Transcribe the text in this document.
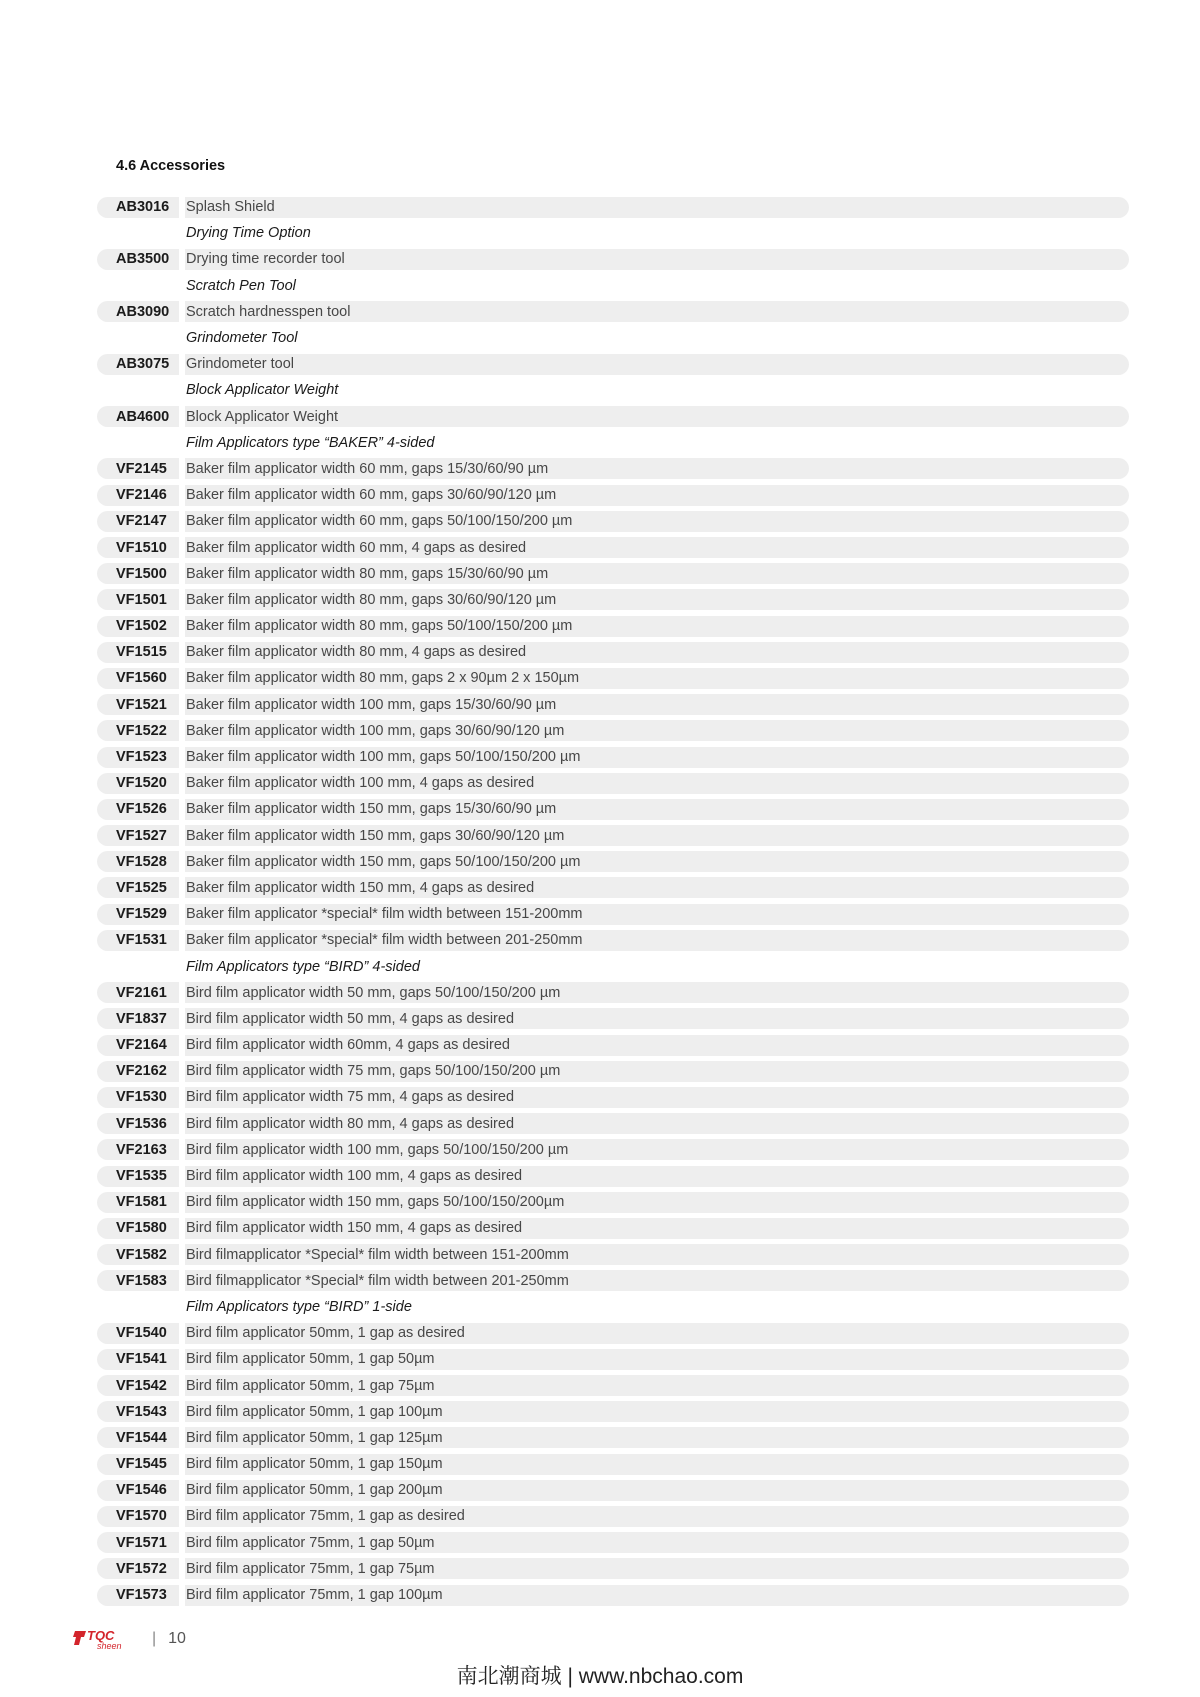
4.6 Accessories
AB3016	Splash Shield
Drying Time Option
AB3500	Drying time recorder tool
Scratch Pen Tool
AB3090	Scratch hardnesspen tool
Grindometer Tool
AB3075	Grindometer tool
Block Applicator Weight
AB4600	Block Applicator Weight
Film Applicators type “BAKER” 4-sided
VF2145	Baker film applicator width 60 mm, gaps 15/30/60/90 µm
VF2146	Baker film applicator width 60 mm, gaps 30/60/90/120 µm
VF2147	Baker film applicator width 60 mm, gaps 50/100/150/200 µm
VF1510	Baker film applicator width 60 mm, 4 gaps as desired
VF1500	Baker film applicator width 80 mm, gaps 15/30/60/90 µm
VF1501	Baker film applicator width 80 mm, gaps 30/60/90/120 µm
VF1502	Baker film applicator width 80 mm, gaps 50/100/150/200 µm
VF1515	Baker film applicator width 80 mm, 4 gaps as desired
VF1560	Baker film applicator width 80 mm, gaps 2 x 90µm 2 x 150µm
VF1521	Baker film applicator width 100 mm, gaps 15/30/60/90 µm
VF1522	Baker film applicator width 100 mm, gaps 30/60/90/120 µm
VF1523	Baker film applicator width 100 mm, gaps 50/100/150/200 µm
VF1520	Baker film applicator width 100 mm, 4 gaps as desired
VF1526	Baker film applicator width 150 mm, gaps 15/30/60/90 µm
VF1527	Baker film applicator width 150 mm, gaps 30/60/90/120 µm
VF1528	Baker film applicator width 150 mm, gaps 50/100/150/200 µm
VF1525	Baker film applicator width 150 mm, 4 gaps as desired
VF1529	Baker film applicator *special* film width between 151-200mm
VF1531	Baker film applicator *special* film width between 201-250mm
Film Applicators type “BIRD” 4-sided
VF2161	Bird film applicator width 50 mm, gaps 50/100/150/200 µm
VF1837	Bird film applicator width 50 mm, 4 gaps as desired
VF2164	Bird film applicator width 60mm, 4 gaps as desired
VF2162	Bird film applicator width 75 mm, gaps 50/100/150/200 µm
VF1530	Bird film applicator width 75 mm, 4 gaps as desired
VF1536	Bird film applicator width 80 mm, 4 gaps as desired
VF2163	Bird film applicator width 100 mm, gaps 50/100/150/200 µm
VF1535	Bird film applicator width 100 mm, 4 gaps as desired
VF1581	Bird film applicator width 150 mm, gaps 50/100/150/200µm
VF1580	Bird film applicator width 150 mm, 4 gaps as desired
VF1582	Bird filmapplicator *Special* film width between 151-200mm
VF1583	Bird filmapplicator *Special* film width between 201-250mm
Film Applicators type “BIRD” 1-side
VF1540	Bird film applicator 50mm, 1 gap as desired
VF1541	Bird film applicator 50mm, 1 gap 50µm
VF1542	Bird film applicator 50mm, 1 gap 75µm
VF1543	Bird film applicator 50mm, 1 gap 100µm
VF1544	Bird film applicator 50mm, 1 gap 125µm
VF1545	Bird film applicator 50mm, 1 gap 150µm
VF1546	Bird film applicator 50mm, 1 gap 200µm
VF1570	Bird film applicator 75mm, 1 gap as desired
VF1571	Bird film applicator 75mm, 1 gap 50µm
VF1572	Bird film applicator 75mm, 1 gap 75µm
VF1573	Bird film applicator 75mm, 1 gap 100µm
TQC
sheen | 10
南北潮商城 | www.nbchao.com
